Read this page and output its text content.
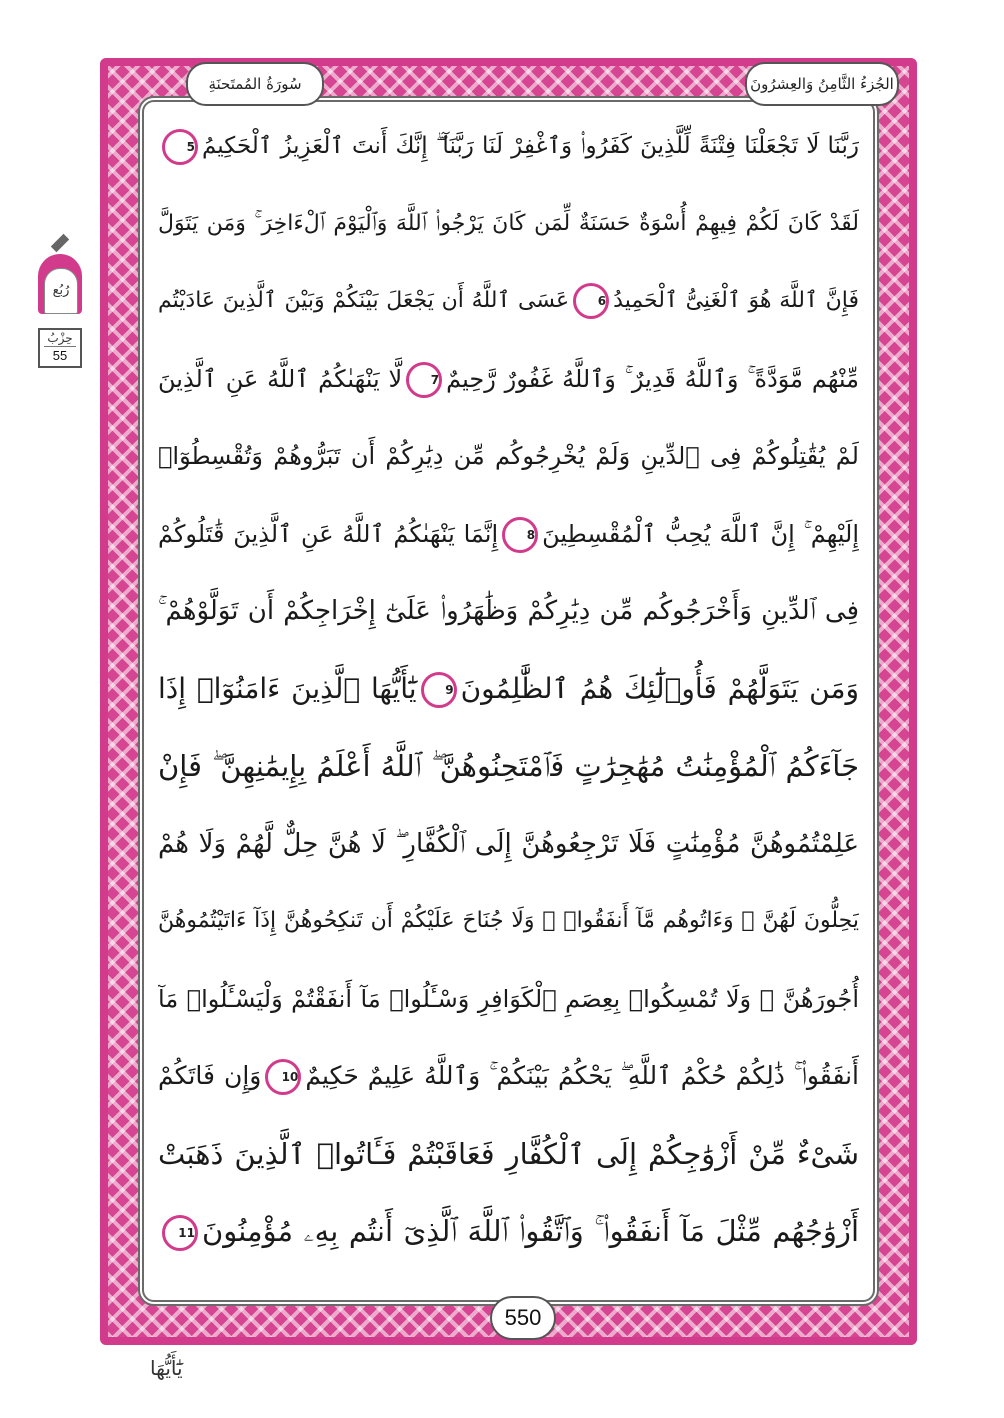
الجُزءُ الثَّامِنُ وَالعِشرُونَ
سُورَةُ المُمتَحنَةِ
رُبُع
حِزْبُ
55
رَبَّنَا لَا تَجْعَلْنَا فِتْنَةً لِّلَّذِينَ كَفَرُوا۟ وَٱغْفِرْ لَنَا رَبَّنَآ ۖ إِنَّكَ أَنتَ ٱلْعَزِيزُ ٱلْحَكِيمُ5
لَقَدْ كَانَ لَكُمْ فِيهِمْ أُسْوَةٌ حَسَنَةٌ لِّمَن كَانَ يَرْجُوا۟ ٱللَّهَ وَٱلْيَوْمَ ٱلْءَاخِرَ ۚ وَمَن يَتَوَلَّ
فَإِنَّ ٱللَّهَ هُوَ ٱلْغَنِىُّ ٱلْحَمِيدُ6عَسَى ٱللَّهُ أَن يَجْعَلَ بَيْنَكُمْ وَبَيْنَ ٱلَّذِينَ عَادَيْتُم
مِّنْهُم مَّوَدَّةً ۚ وَٱللَّهُ قَدِيرٌ ۚ وَٱللَّهُ غَفُورٌ رَّحِيمٌ7لَّا يَنْهَىٰكُمُ ٱللَّهُ عَنِ ٱلَّذِينَ
لَمْ يُقَٰتِلُوكُمْ فِى ٱلدِّينِ وَلَمْ يُخْرِجُوكُم مِّن دِيَٰرِكُمْ أَن تَبَرُّوهُمْ وَتُقْسِطُوٓا۟
إِلَيْهِمْ ۚ إِنَّ ٱللَّهَ يُحِبُّ ٱلْمُقْسِطِينَ8إِنَّمَا يَنْهَىٰكُمُ ٱللَّهُ عَنِ ٱلَّذِينَ قَٰتَلُوكُمْ
فِى ٱلدِّينِ وَأَخْرَجُوكُم مِّن دِيَٰرِكُمْ وَظَٰهَرُوا۟ عَلَىٰٓ إِخْرَاجِكُمْ أَن تَوَلَّوْهُمْ ۚ
وَمَن يَتَوَلَّهُمْ فَأُو۟لَٰٓئِكَ هُمُ ٱلظَّٰلِمُونَ9يَٰٓأَيُّهَا ٱلَّذِينَ ءَامَنُوٓا۟ إِذَا
جَآءَكُمُ ٱلْمُؤْمِنَٰتُ مُهَٰجِرَٰتٍ فَٱمْتَحِنُوهُنَّ ۖ ٱللَّهُ أَعْلَمُ بِإِيمَٰنِهِنَّ ۖ فَإِنْ
عَلِمْتُمُوهُنَّ مُؤْمِنَٰتٍ فَلَا تَرْجِعُوهُنَّ إِلَى ٱلْكُفَّارِ ۖ لَا هُنَّ حِلٌّ لَّهُمْ وَلَا هُمْ
يَحِلُّونَ لَهُنَّ ۖ وَءَاتُوهُم مَّآ أَنفَقُوا۟ ۚ وَلَا جُنَاحَ عَلَيْكُمْ أَن تَنكِحُوهُنَّ إِذَآ ءَاتَيْتُمُوهُنَّ
أُجُورَهُنَّ ۚ وَلَا تُمْسِكُوا۟ بِعِصَمِ ٱلْكَوَافِرِ وَسْـَٔلُوا۟ مَآ أَنفَقْتُمْ وَلْيَسْـَٔلُوا۟ مَآ
أَنفَقُوا۟ ۚ ذَٰلِكُمْ حُكْمُ ٱللَّهِ ۖ يَحْكُمُ بَيْنَكُمْ ۚ وَٱللَّهُ عَلِيمٌ حَكِيمٌ10وَإِن فَاتَكُمْ
شَىْءٌ مِّنْ أَزْوَٰجِكُمْ إِلَى ٱلْكُفَّارِ فَعَاقَبْتُمْ فَـَٔاتُوا۟ ٱلَّذِينَ ذَهَبَتْ
أَزْوَٰجُهُم مِّثْلَ مَآ أَنفَقُوا۟ ۚ وَٱتَّقُوا۟ ٱللَّهَ ٱلَّذِىٓ أَنتُم بِهِۦ مُؤْمِنُونَ11
550
يَٰٓأَيُّهَا
